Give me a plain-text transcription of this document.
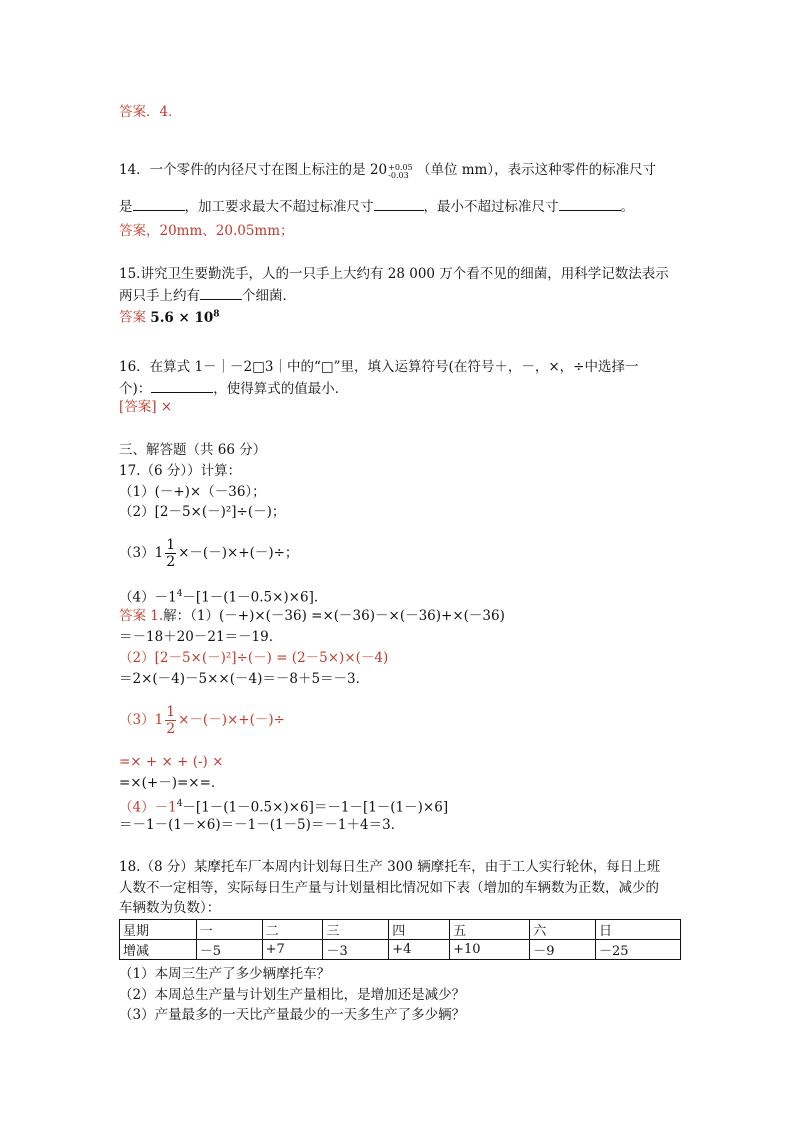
答案．4．
14．一个零件的内径尺寸在图上标注的是 20 +0.05
-0.03 （单位 mm），表示这种零件的标准尺寸
是	，加工要求最大不超过标准尺寸	，最小不超过标准尺寸	。
答案，20mm、20.05mm；
15.讲究卫生要勤洗手，人的一只手上大约有 28 000 万个看不见的细菌，用科学记数法表示
两只手上约有	个细菌．
答案 $5.6 \times 10^8$
16．在算式 1－｜－2□3｜中的“□”里，填入运算符号(在符号＋，－，×，÷中选择一
个)：	，使得算式的值最小．
[答案] ×
三、解答题（共 66 分）
17.（6 分））计算：
（1）(－+)×（－36）；
（2）[2－5×(－)²]÷(－)；
$(3)1 \frac{1}{2}$ ×－(－)×+(－)÷；
$(4)-1^4-[1-(1-0.5\times)\times 6]$．
答案 1.解：（1）(－+)×(－36) =×(－36)－×(－36)+×(－36)
＝－18＋20－21＝－19．
（2）[2－5×(－)²]÷(－) = (2－5×)×(－4)
＝2×(－4)－5××(－4)＝－8＋5＝－3．
$(3)1 \frac{1}{2}$ ×－(－)×+(－)÷
=× + × + (-) ×
=×(+－)=×=．
$(4)-1^4-[1-(1-0.5\times)\times 6]=-1-[1-(1-)\times 6]$
＝－1－(1－×6)＝－1－(1－5)＝－1＋4＝3．
18.（8 分）某摩托车厂本周内计划每日生产 300 辆摩托车，由于工人实行轮休，每日上班
人数不一定相等，实际每日生产量与计划量相比情况如下表（增加的车辆数为正数，减少的
车辆数为负数）：
星期	一	二	三	四	五	六	日
增减	－5	+7	－3	+4	+10	－9	－25
（1）本周三生产了多少辆摩托车？
（2）本周总生产量与计划生产量相比，是增加还是减少？
（3）产量最多的一天比产量最少的一天多生产了多少辆？
